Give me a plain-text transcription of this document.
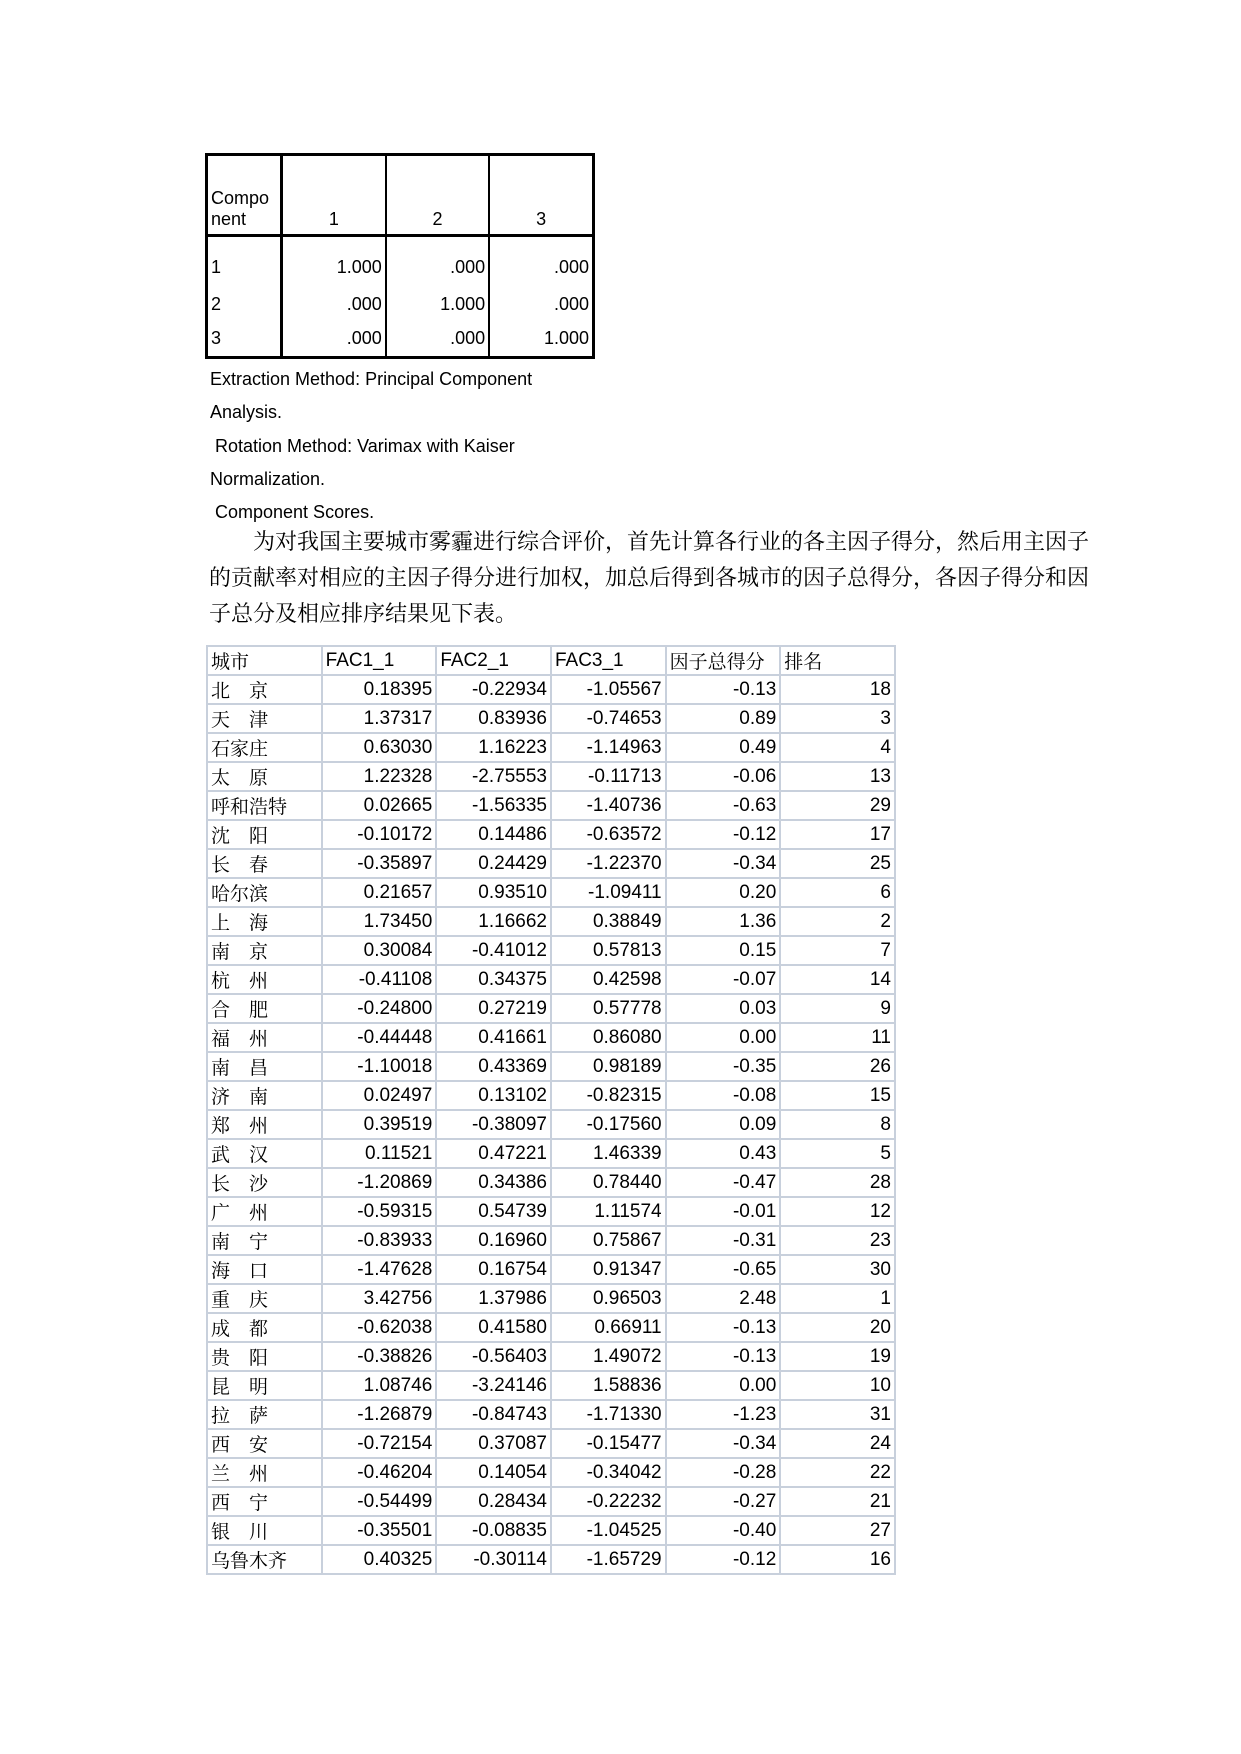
Compo
nent	1	2	3
1	1.000	.000	.000
2	.000	1.000	.000
3	.000	.000	1.000
Extraction Method: Principal Component
Analysis.
Rotation Method: Varimax with Kaiser
Normalization.
Component Scores.
为对我国主要城市雾霾进行综合评价，首先计算各行业的各主因子得分，然后用主因子的贡献率对相应的主因子得分进行加权，加总后得到各城市的因子总得分，各因子得分和因子总分及相应排序结果见下表。
城市	FAC1_1	FAC2_1	FAC3_1	因子总得分	排名
北　京	0.18395	-0.22934	-1.05567	-0.13	18
天　津	1.37317	0.83936	-0.74653	0.89	3
石家庄	0.63030	1.16223	-1.14963	0.49	4
太　原	1.22328	-2.75553	-0.11713	-0.06	13
呼和浩特	0.02665	-1.56335	-1.40736	-0.63	29
沈　阳	-0.10172	0.14486	-0.63572	-0.12	17
长　春	-0.35897	0.24429	-1.22370	-0.34	25
哈尔滨	0.21657	0.93510	-1.09411	0.20	6
上　海	1.73450	1.16662	0.38849	1.36	2
南　京	0.30084	-0.41012	0.57813	0.15	7
杭　州	-0.41108	0.34375	0.42598	-0.07	14
合　肥	-0.24800	0.27219	0.57778	0.03	9
福　州	-0.44448	0.41661	0.86080	0.00	11
南　昌	-1.10018	0.43369	0.98189	-0.35	26
济　南	0.02497	0.13102	-0.82315	-0.08	15
郑　州	0.39519	-0.38097	-0.17560	0.09	8
武　汉	0.11521	0.47221	1.46339	0.43	5
长　沙	-1.20869	0.34386	0.78440	-0.47	28
广　州	-0.59315	0.54739	1.11574	-0.01	12
南　宁	-0.83933	0.16960	0.75867	-0.31	23
海　口	-1.47628	0.16754	0.91347	-0.65	30
重　庆	3.42756	1.37986	0.96503	2.48	1
成　都	-0.62038	0.41580	0.66911	-0.13	20
贵　阳	-0.38826	-0.56403	1.49072	-0.13	19
昆　明	1.08746	-3.24146	1.58836	0.00	10
拉　萨	-1.26879	-0.84743	-1.71330	-1.23	31
西　安	-0.72154	0.37087	-0.15477	-0.34	24
兰　州	-0.46204	0.14054	-0.34042	-0.28	22
西　宁	-0.54499	0.28434	-0.22232	-0.27	21
银　川	-0.35501	-0.08835	-1.04525	-0.40	27
乌鲁木齐	0.40325	-0.30114	-1.65729	-0.12	16
